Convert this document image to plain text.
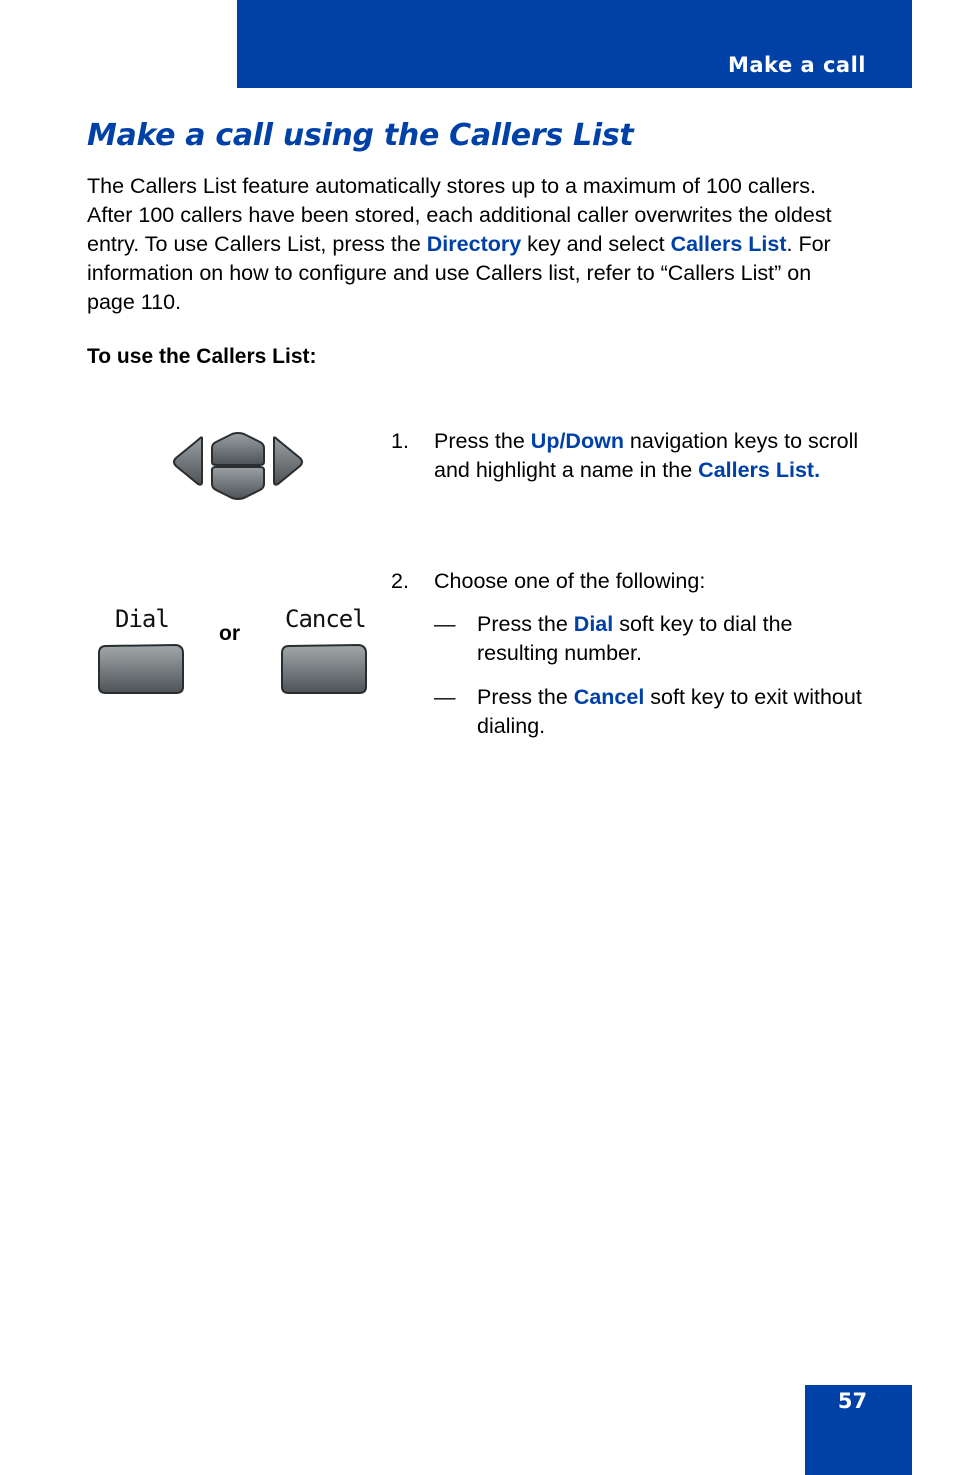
Make a call
Make a call using the Callers List

The Callers List feature automatically stores up to a maximum of 100 callers. After 100 callers have been stored, each additional caller overwrites the oldest entry. To use Callers List, press the Directory key and select Callers List. For information on how to configure and use Callers list, refer to “Callers List” on page 110.

To use the Callers List:

1. Press the Up/Down navigation keys to scroll and highlight a name in the Callers List.

Dial	Cancel
or
2. Choose one of the following:

— Press the Dial soft key to dial the resulting number.

— Press the Cancel soft key to exit without dialing.

57
